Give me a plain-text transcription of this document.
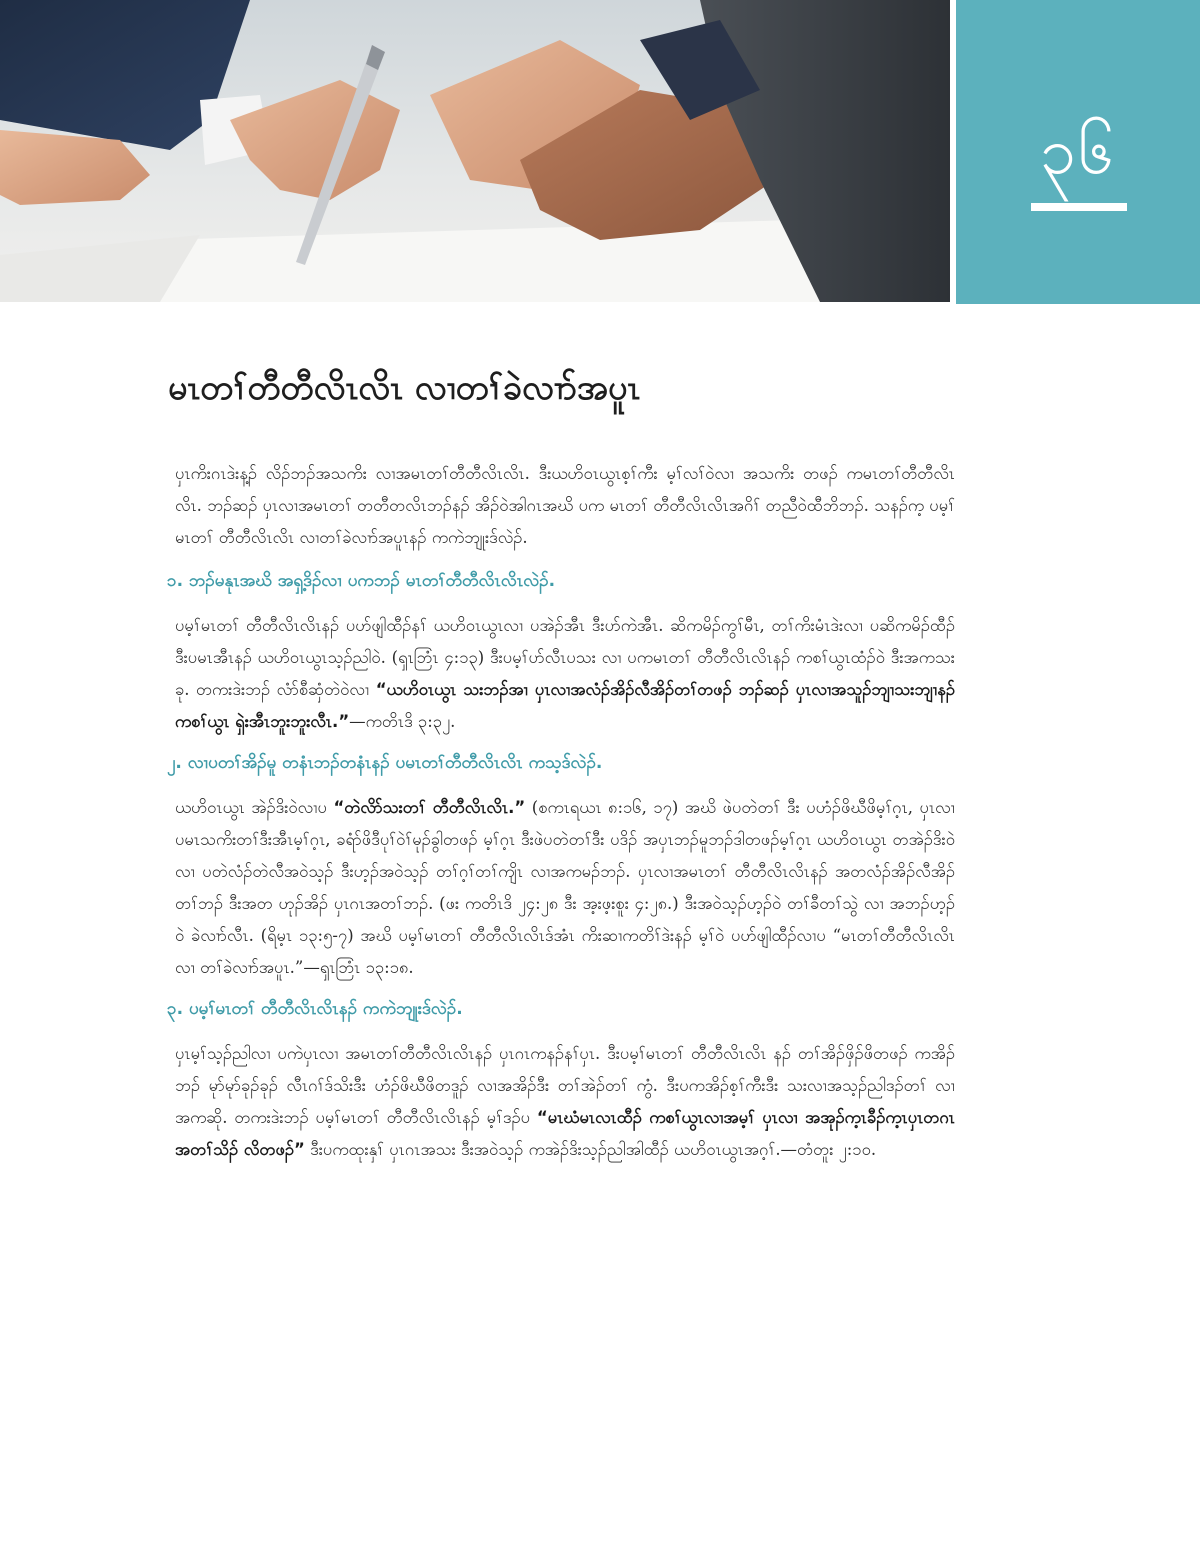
၃၆
မၤတၢ်တီတီလိၤလိၤ လၢတၢ်ခဲလၢာ်အပူၤ

ပှၤကိးဂၤဒဲးန့ၣ် လိၣ်ဘၣ်အသကိး လၢအမၤတၢ်တီတီလိၤလိၤ. ဒီးယဟိဝၤယွၤစ့ၢ်ကီး မ့ၢ်လၢ်ဝဲလၢ အသကိး တဖၣ် ကမၤတၢ်တီတီလိၤလိၤ. ဘၣ်ဆၣ် ပှၤလၢအမၤတၢ် တတီတလိၤဘၣ်နၣ် အိၣ်ဝဲအါဂၤအဃိ ပက မၤတၢ် တီတီလိၤလိၤအဂိၢ် တညီဝဲထီဘိဘၣ်. သနၣ်က့ ပမ့ၢ်မၤတၢ် တီတီလိၤလိၤ လၢတၢ်ခဲလၢာ်အပူၤနၣ် ကကဲဘျုးဒ်လဲၣ်.

၁. ဘၣ်မနုၤအဃိ အရှ့ဒိၣ်လၢ ပကဘၣ် မၤတၢ်တီတီလိၤလိၤလဲၣ်.

ပမ့ၢ်မၤတၢ် တီတီလိၤလိၤနၣ် ပဟ်ဖျါထီၣ်နၢ် ယဟိဝၤယွၤလၢ ပအဲၣ်အီၤ ဒီးပာ်ကဲအီၤ. ဆိကမိၣ်ကွၢ်မီၤ, တၢ်ကိးမံၤဒဲးလၢ ပဆိကမိၣ်ထီၣ် ဒီးပမၤအီၤနၣ် ယဟိဝၤယွၤသ့ၣ်ညါဝဲ. (ၡၤဘြံၤ ၄:၁၃) ဒီးပမ့ၢ်ပာ်လီၤပသး လၢ ပကမၤတၢ် တီတီလိၤလိၤနၣ် ကစၢ်ယွၤထံၣ်ဝဲ ဒီးအကသးခု. တကးဒဲးဘၣ် လံာ်စီဆှံတဲဝဲလၢ “ယဟိဝၤယွၤ သးဘၣ်အၢ ပှၤလၢအလံၣ်အိၣ်လီအိၣ်တၢ်တဖၣ် ဘၣ်ဆၣ် ပှၤလၢအသူၣ်ဘျၢသးဘျၢနၣ် ကစၢ်ယွၤ ရှဲးအီၤဘူးဘူးလီၤ.”—ကတိၤဒိ ၃:၃၂.

၂. လၢပတၢ်အိၣ်မူ တနံၤဘၣ်တနံၤနၣ် ပမၤတၢ်တီတီလိၤလိၤ ကသ့ဒ်လဲၣ်.

ယဟိဝၤယွၤ အဲၣ်ဒိးဝဲလၢပ “တဲလိာ်သးတၢ် တီတီလိၤလိၤ.” (စကၤရယၤ ၈:၁၆, ၁၇) အဃိ ဖဲပတဲတၢ် ဒီး ပဟံၣ်ဖိဃီဖိမ့ၢ်ဂ့ၤ, ပှၤလၢ ပမၤသကိးတၢ်ဒီးအီၤမ့ၢ်ဂ့ၤ, ခရံာ်ဖိဒီပုၢ်ဝဲၢ်မုၣ်ခွါတဖၣ် မ့ၢ်ဂ့ၤ ဒီးဖဲပတဲတၢ်ဒီး ပဒိၣ် အပှၤဘၣ်မူဘၣ်ဒါတဖၣ်မ့ၢ်ဂ့ၤ ယဟိဝၤယွၤ တအဲၣ်ဒိးဝဲလၢ ပတဲလံၣ်တဲလီအဝဲသ့ၣ် ဒီးဟ့ၣ်အဝဲသ့ၣ် တၢ်ဂ့ၢ်တၢ်ကျိၤ လၢအကမၣ်ဘၣ်. ပှၤလၢအမၤတၢ် တီတီလိၤလိၤနၣ် အတလံၣ်အိၣ်လီအိၣ်တၢ်ဘၣ် ဒီးအတ ဟုၣ်အိၣ် ပှၤဂၤအတၢ်ဘၣ်. (ဖး ကတိၤဒိ ၂၄:၂၈ ဒီး အ့းဖ့းစူး ၄:၂၈.) ဒီးအဝဲသ့ၣ်ဟ့ၣ်ဝဲ တၢ်ခီတၢ်သွဲ လၢ အဘၣ်ဟ့ၣ်ဝဲ ခဲလၢာ်လီၤ. (ရိမ့ၤ ၁၃:၅-၇) အဃိ ပမ့ၢ်မၤတၢ် တီတီလိၤလိၤဒ်အံၤ ကိးဆၢကတိၢ်ဒဲးနၣ် မ့ၢ်ဝဲ ပဟ်ဖျါထီၣ်လၢပ “မၤတၢ်တီတီလိၤလိၤလၢ တၢ်ခဲလၢာ်အပူၤ.”—ၡၤဘြံၤ ၁၃:၁၈.

၃. ပမ့ၢ်မၤတၢ် တီတီလိၤလိၤနၣ် ကကဲဘျုးဒ်လဲၣ်.

ပှၤမ့ၢ်သ့ၣ်ညါလၢ ပကဲပှၤလၢ အမၤတၢ်တီတီလိၤလိၤနၣ် ပှၤဂၤကနၣ်နၢ်ပှၤ. ဒီးပမ့ၢ်မၤတၢ် တီတီလိၤလိၤ နၣ် တၢ်အိၣ်ဖှိၣ်ဖိတဖၣ် ကအိၣ်ဘၣ် မုာ်မုာ်ခုၣ်ခုၣ် လီၤဂၢ်ဒ်သိးဒီး ဟံၣ်ဖိဃီဖိတဒူၣ် လၢအအိၣ်ဒီး တၢ်အဲၣ်တၢ် ကွံ. ဒီးပကအိၣ်စ့ၢ်ကီးဒီး သးလၢအသ့ၣ်ညါဒၣ်တၢ် လၢအကဆို. တကးဒဲးဘၣ် ပမ့ၢ်မၤတၢ် တီတီလိၤလိၤနၣ် မ့ၢ်ဒၣ်ပ “မၤဃံမၤလၤထီၣ် ကစၢ်ယွၤလၢအမ့ၢ် ပှၤလၢ အအုၣ်က့ၤခီၣ်က့ၤပှၤတဂၤ အတၢ်သိၣ် လိတဖၣ်” ဒီးပကထုးနှၢ် ပှၤဂၤအသး ဒီးအဝဲသ့ၣ် ကအဲၣ်ဒိးသ့ၣ်ညါအါထီၣ် ယဟိဝၤယွၤအဂ့ၢ်.—တံတူး ၂:၁၀.
